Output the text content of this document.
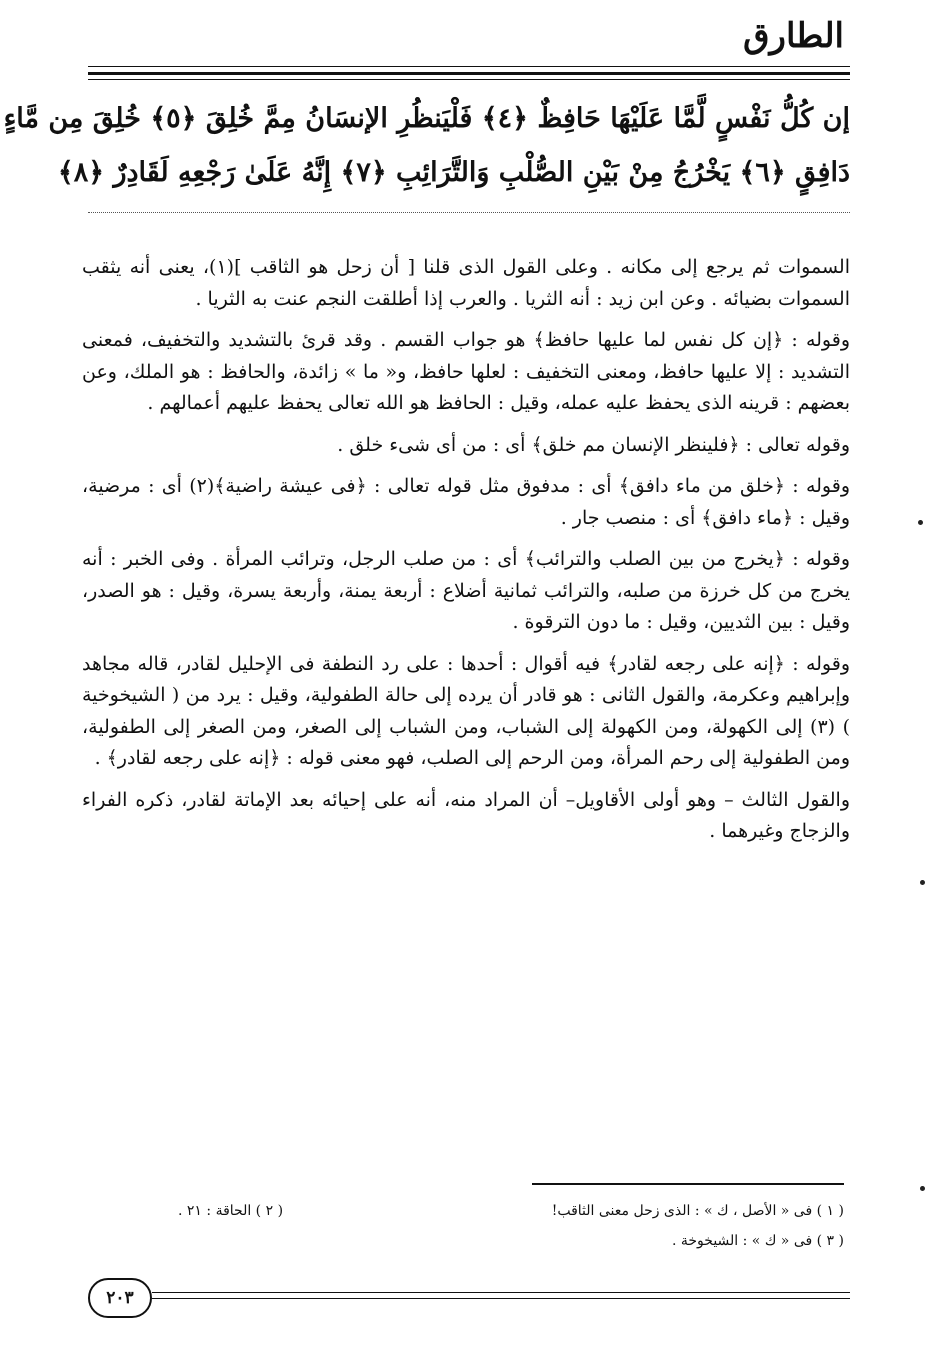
الطارق
إن كُلُّ نَفْسٍ لَّمَّا عَلَيْهَا حَافِظٌ ﴿٤﴾ فَلْيَنظُرِ الإنسَانُ مِمَّ خُلِقَ ﴿٥﴾ خُلِقَ مِن مَّاءٍ
دَافِقٍ ﴿٦﴾ يَخْرُجُ مِنْ بَيْنِ الصُّلْبِ وَالتَّرَائِبِ ﴿٧﴾ إِنَّهُ عَلَىٰ رَجْعِهِ لَقَادِرٌ ﴿٨﴾

السموات ثم يرجع إلى مكانه . وعلى القول الذى قلنا [ أن زحل هو الثاقب ](١)، يعنى أنه يثقب السموات بضيائه . وعن ابن زيد : أنه الثريا . والعرب إذا أطلقت النجم عنت به الثريا .

وقوله : ﴿إن كل نفس لما عليها حافظ﴾ هو جواب القسم . وقد قرئ بالتشديد والتخفيف، فمعنى التشديد : إلا عليها حافظ، ومعنى التخفيف : لعلها حافظ، و« ما » زائدة، والحافظ : هو الملك، وعن بعضهم : قرينه الذى يحفظ عليه عمله، وقيل : الحافظ هو الله تعالى يحفظ عليهم أعمالهم .

وقوله تعالى : ﴿فلينظر الإنسان مم خلق﴾ أى : من أى شىء خلق .

وقوله : ﴿خلق من ماء دافق﴾ أى : مدفوق مثل قوله تعالى : ﴿فى عيشة راضية﴾(٢) أى : مرضية، وقيل : ﴿ماء دافق﴾ أى : منصب جار .

وقوله : ﴿يخرج من بين الصلب والترائب﴾ أى : من صلب الرجل، وترائب المرأة . وفى الخبر : أنه يخرج من كل خرزة من صلبه، والترائب ثمانية أضلاع : أربعة يمنة، وأربعة يسرة، وقيل : هو الصدر، وقيل : بين الثديين، وقيل : ما دون الترقوة .

وقوله : ﴿إنه على رجعه لقادر﴾ فيه أقوال : أحدها : على رد النطفة فى الإحليل لقادر، قاله مجاهد وإبراهيم وعكرمة، والقول الثانى : هو قادر أن يرده إلى حالة الطفولية، وقيل : يرد من ( الشيخوخية ) (٣) إلى الكهولة، ومن الكهولة إلى الشباب، ومن الشباب إلى الصغر، ومن الصغر إلى الطفولية، ومن الطفولية إلى رحم المرأة، ومن الرحم إلى الصلب، فهو معنى قوله : ﴿إنه على رجعه لقادر﴾ .

والقول الثالث – وهو أولى الأقاويل– أن المراد منه، أنه على إحيائه بعد الإماتة لقادر، ذكره الفراء والزجاج وغيرهما .

( ١ ) فى « الأصل ، ك » : الذى زحل معنى الثاقب!
( ٢ ) الحاقة : ٢١ .
( ٣ ) فى « ك » : الشيخوخة .
٢٠٣
